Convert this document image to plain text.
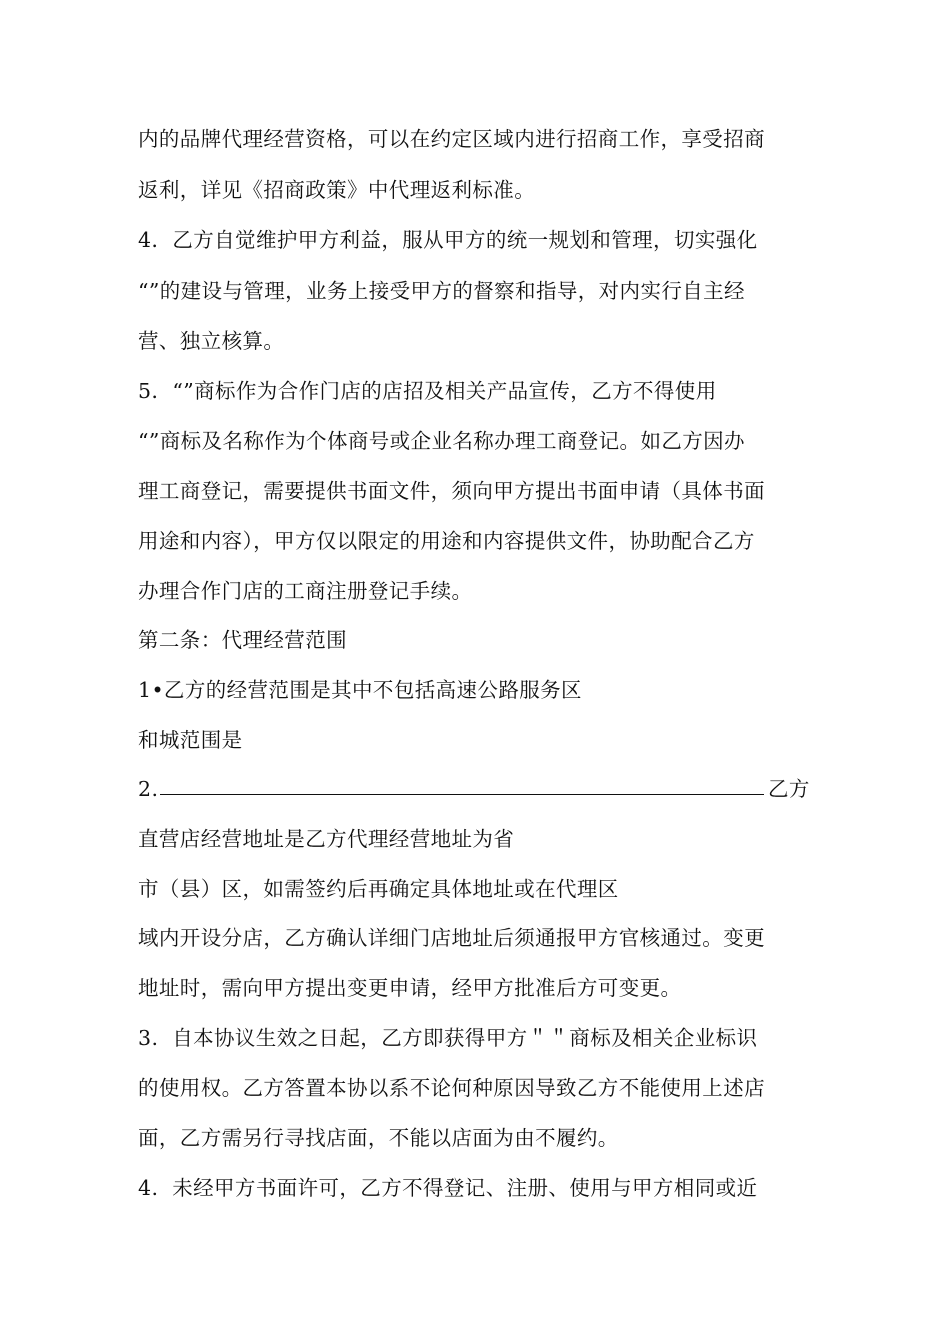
内的品牌代理经营资格，可以在约定区域内进行招商工作，享受招商
返利，详见《招商政策》中代理返利标准。
4．乙方自觉维护甲方利益，服从甲方的统一规划和管理，切实强化
“”的建设与管理，业务上接受甲方的督察和指导，对内实行自主经
营、独立核算。
5．“”商标作为合作门店的店招及相关产品宣传，乙方不得使用
“”商标及名称作为个体商号或企业名称办理工商登记。如乙方因办
理工商登记，需要提供书面文件，须向甲方提出书面申请（具体书面
用途和内容），甲方仅以限定的用途和内容提供文件，协助配合乙方
办理合作门店的工商注册登记手续。
第二条：代理经营范围
1•乙方的经营范围是其中不包括高速公路服务区
和城范围是
2.	乙方
直营店经营地址是乙方代理经营地址为省
市（县）区，如需签约后再确定具体地址或在代理区
域内开设分店，乙方确认详细门店地址后须通报甲方官核通过。变更
地址时，需向甲方提出变更申请，经甲方批准后方可变更。
3.  自本协议生效之日起，乙方即获得甲方＂＂商标及相关企业标识
的使用权。乙方答置本协以系不论何种原因导致乙方不能使用上述店
面，乙方需另行寻找店面，不能以店面为由不履约。
4.  未经甲方书面许可，乙方不得登记、注册、使用与甲方相同或近
